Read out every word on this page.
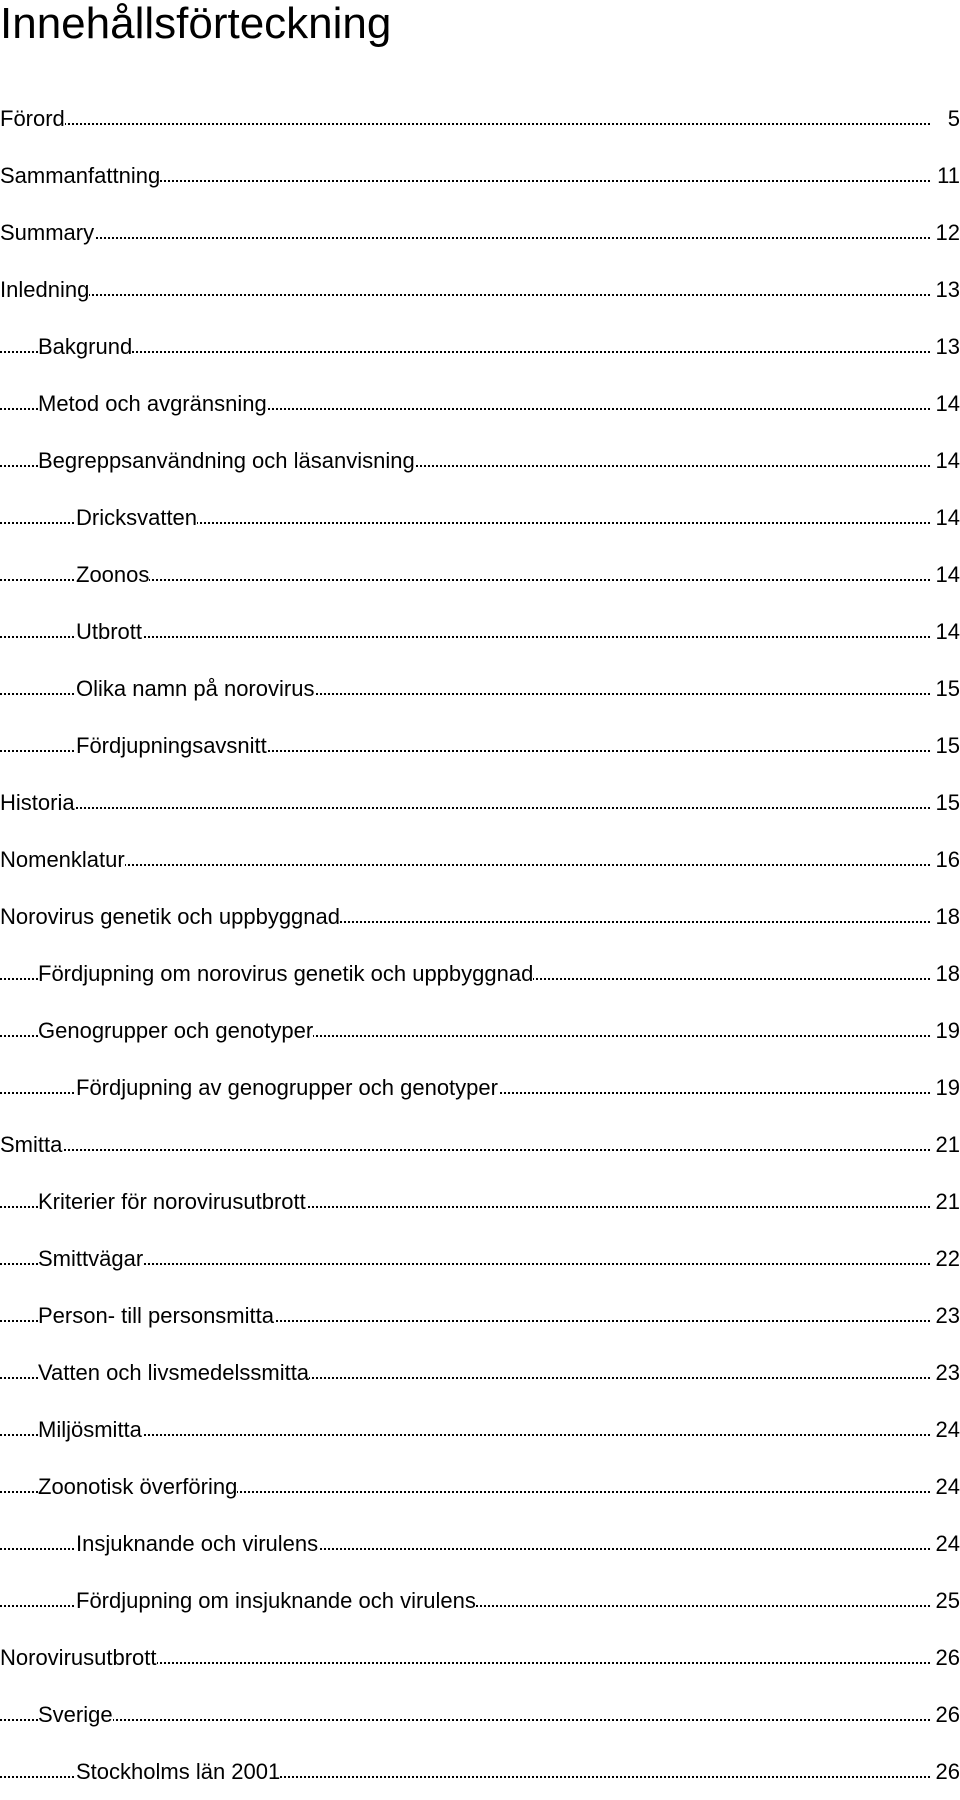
Innehållsförteckning
Förord	5
Sammanfattning	11
Summary	12
Inledning	13
Bakgrund	13
Metod och avgränsning	14
Begreppsanvändning och läsanvisning	14
Dricksvatten	14
Zoonos	14
Utbrott	14
Olika namn på norovirus	15
Fördjupningsavsnitt	15
Historia	15
Nomenklatur	16
Norovirus genetik och uppbyggnad	18
Fördjupning om norovirus genetik och uppbyggnad	18
Genogrupper och genotyper	19
Fördjupning av genogrupper och genotyper	19
Smitta	21
Kriterier för norovirusutbrott	21
Smittvägar	22
Person- till personsmitta	23
Vatten och livsmedelssmitta	23
Miljösmitta	24
Zoonotisk överföring	24
Insjuknande och virulens	24
Fördjupning om insjuknande och virulens	25
Norovirusutbrott	26
Sverige	26
Stockholms län 2001	26
